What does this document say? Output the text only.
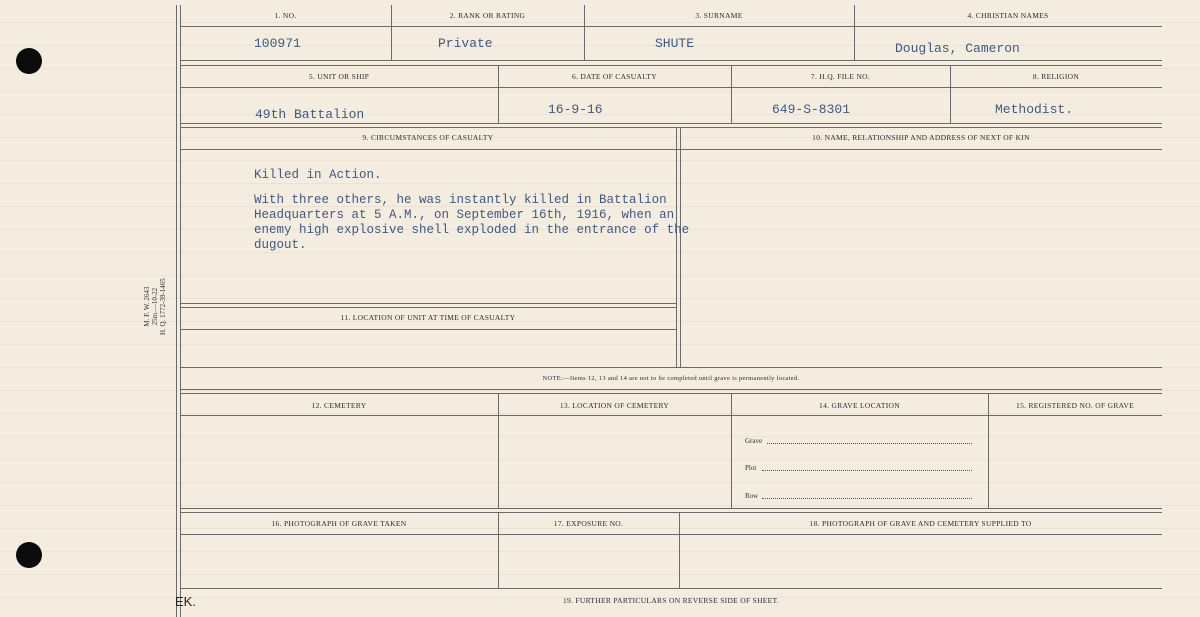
M. F. W. 2643 25m.—10-22 H. Q. 1772-39-1465
1. NO.	2. RANK OR RATING	3. SURNAME	4. CHRISTIAN NAMES
100971	Private	SHUTE	Douglas, Cameron
5. UNIT OR SHIP	6. DATE OF CASUALTY	7. H.Q. FILE NO.	8. RELIGION
49th Battalion	16-9-16	649-S-8301	Methodist.
9. CIRCUMSTANCES OF CASUALTY	10. NAME, RELATIONSHIP AND ADDRESS OF NEXT OF KIN

Killed in Action.

With three others, he was instantly killed in Battalion Headquarters at 5 A.M., on September 16th, 1916, when an enemy high explosive shell exploded in the entrance of the dugout.

11. LOCATION OF UNIT AT TIME OF CASUALTY
NOTE:—Items 12, 13 and 14 are not to be completed until grave is permanently located.
12. CEMETERY	13. LOCATION OF CEMETERY	14. GRAVE LOCATION	15. REGISTERED NO. OF GRAVE
Grave
Plot
Row
16. PHOTOGRAPH OF GRAVE TAKEN	17. EXPOSURE NO.	18. PHOTOGRAPH OF GRAVE AND CEMETERY SUPPLIED TO
19. FURTHER PARTICULARS ON REVERSE SIDE OF SHEET.
EK.
